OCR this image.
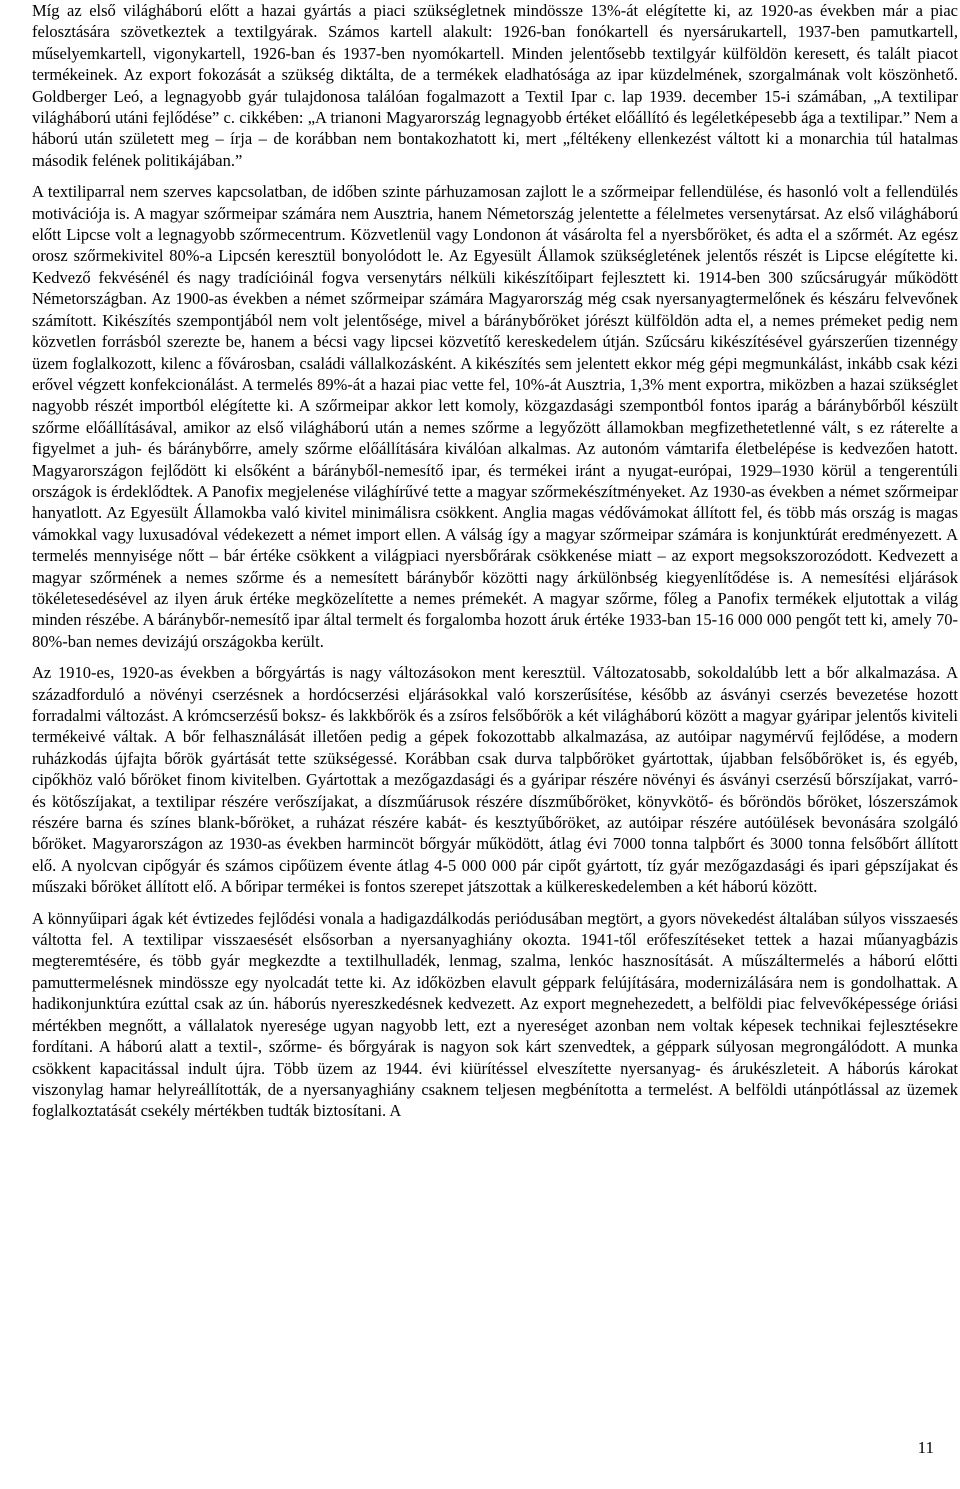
Míg az első világháború előtt a hazai gyártás a piaci szükségletnek mindössze 13%-át elégítette ki, az 1920-as években már a piac felosztására szövetkeztek a textilgyárak. Számos kartell alakult: 1926-ban fonókartell és nyersárukartell, 1937-ben pamutkartell, műselyemkartell, vigonykartell, 1926-ban és 1937-ben nyomókartell. Minden jelentősebb textilgyár külföldön keresett, és talált piacot termékeinek. Az export fokozását a szükség diktálta, de a termékek eladhatósága az ipar küzdelmének, szorgalmának volt köszönhető. Goldberger Leó, a legnagyobb gyár tulajdonosa találóan fogalmazott a Textil Ipar c. lap 1939. december 15-i számában, „A textilipar világháború utáni fejlődése” c. cikkében: „A trianoni Magyarország legnagyobb értéket előállító és legéletképesebb ága a textilipar.” Nem a háború után született meg – írja – de korábban nem bontakozhatott ki, mert „féltékeny ellenkezést váltott ki a monarchia túl hatalmas második felének politikájában.”

A textiliparral nem szerves kapcsolatban, de időben szinte párhuzamosan zajlott le a szőrmeipar fellendülése, és hasonló volt a fellendülés motivációja is. A magyar szőrmeipar számára nem Ausztria, hanem Németország jelentette a félelmetes versenytársat. Az első világháború előtt Lipcse volt a legnagyobb szőrmecentrum. Közvetlenül vagy Londonon át vásárolta fel a nyersbőröket, és adta el a szőrmét. Az egész orosz szőrmekivitel 80%-a Lipcsén keresztül bonyolódott le. Az Egyesült Államok szükségletének jelentős részét is Lipcse elégítette ki. Kedvező fekvésénél és nagy tradícióinál fogva versenytárs nélküli kikészítőipart fejlesztett ki. 1914-ben 300 szűcsárugyár működött Németországban. Az 1900-as években a német szőrmeipar számára Magyarország még csak nyersanyagtermelőnek és készáru felvevőnek számított. Kikészítés szempontjából nem volt jelentősége, mivel a báránybőröket jórészt külföldön adta el, a nemes prémeket pedig nem közvetlen forrásból szerezte be, hanem a bécsi vagy lipcsei közvetítő kereskedelem útján. Szűcsáru kikészítésével gyárszerűen tizennégy üzem foglalkozott, kilenc a fővárosban, családi vállalkozásként. A kikészítés sem jelentett ekkor még gépi megmunkálást, inkább csak kézi erővel végzett konfekcionálást. A termelés 89%-át a hazai piac vette fel, 10%-át Ausztria, 1,3% ment exportra, miközben a hazai szükséglet nagyobb részét importból elégítette ki. A szőrmeipar akkor lett komoly, közgazdasági szempontból fontos iparág a báránybőrből készült szőrme előállításával, amikor az első világháború után a nemes szőrme a legyőzött államokban megfizethetetlenné vált, s ez ráterelte a figyelmet a juh- és báránybőrre, amely szőrme előállítására kiválóan alkalmas. Az autonóm vámtarifa életbelépése is kedvezően hatott. Magyarországon fejlődött ki elsőként a bárányből-nemesítő ipar, és termékei iránt a nyugat-európai, 1929–1930 körül a tengerentúli országok is érdeklődtek. A Panofix megjelenése világhírűvé tette a magyar szőrmekészítményeket. Az 1930-as években a német szőrmeipar hanyatlott. Az Egyesült Államokba való kivitel minimálisra csökkent. Anglia magas védővámokat állított fel, és több más ország is magas vámokkal vagy luxusadóval védekezett a német import ellen. A válság így a magyar szőrmeipar számára is konjunktúrát eredményezett. A termelés mennyisége nőtt – bár értéke csökkent a világpiaci nyersbőrárak csökkenése miatt – az export megsokszorozódott. Kedvezett a magyar szőrmének a nemes szőrme és a nemesített báránybőr közötti nagy árkülönbség kiegyenlítődése is. A nemesítési eljárások tökéletesedésével az ilyen áruk értéke megközelítette a nemes prémekét. A magyar szőrme, főleg a Panofix termékek eljutottak a világ minden részébe. A báránybőr-nemesítő ipar által termelt és forgalomba hozott áruk értéke 1933-ban 15-16 000 000 pengőt tett ki, amely 70-80%-ban nemes devizájú országokba került.

Az 1910-es, 1920-as években a bőrgyártás is nagy változásokon ment keresztül. Változatosabb, sokoldalúbb lett a bőr alkalmazása. A századforduló a növényi cserzésnek a hordócserzési eljárásokkal való korszerűsítése, később az ásványi cserzés bevezetése hozott forradalmi változást. A krómcserzésű boksz- és lakkbőrök és a zsíros felsőbőrök a két világháború között a magyar gyáripar jelentős kiviteli termékeivé váltak. A bőr felhasználását illetően pedig a gépek fokozottabb alkalmazása, az autóipar nagymérvű fejlődése, a modern ruházkodás újfajta bőrök gyártását tette szükségessé. Korábban csak durva talpbőröket gyártottak, újabban felsőbőröket is, és egyéb, cipőkhöz való bőröket finom kivitelben. Gyártottak a mezőgazdasági és a gyáripar részére növényi és ásványi cserzésű bőrszíjakat, varró- és kötőszíjakat, a textilipar részére verőszíjakat, a díszműárusok részére díszműbőröket, könyvkötő- és bőröndös bőröket, lószerszámok részére barna és színes blank-bőröket, a ruházat részére kabát- és kesztyűbőröket, az autóipar részére autóülések bevonására szolgáló bőröket. Magyarországon az 1930-as években harmincöt bőrgyár működött, átlag évi 7000 tonna talpbőrt és 3000 tonna felsőbőrt állított elő. A nyolcvan cipőgyár és számos cipőüzem évente átlag 4-5 000 000 pár cipőt gyártott, tíz gyár mezőgazdasági és ipari gépszíjakat és műszaki bőröket állított elő. A bőripar termékei is fontos szerepet játszottak a külkereskedelemben a két háború között.

A könnyűipari ágak két évtizedes fejlődési vonala a hadigazdálkodás periódusában megtört, a gyors növekedést általában súlyos visszaesés váltotta fel. A textilipar visszaesését elsősorban a nyersanyaghiány okozta. 1941-től erőfeszítéseket tettek a hazai műanyagbázis megteremtésére, és több gyár megkezdte a textilhulladék, lenmag, szalma, lenkóc hasznosítását. A műszáltermelés a háború előtti pamuttermelésnek mindössze egy nyolcadát tette ki. Az időközben elavult géppark felújítására, modernizálására nem is gondolhattak. A hadikonjunktúra ezúttal csak az ún. háborús nyereszkedésnek kedvezett. Az export megnehezedett, a belföldi piac felvevőképessége óriási mértékben megnőtt, a vállalatok nyeresége ugyan nagyobb lett, ezt a nyereséget azonban nem voltak képesek technikai fejlesztésekre fordítani. A háború alatt a textil-, szőrme- és bőrgyárak is nagyon sok kárt szenvedtek, a géppark súlyosan megrongálódott. A munka csökkent kapacitással indult újra. Több üzem az 1944. évi kiürítéssel elveszítette nyersanyag- és árukészleteit. A háborús károkat viszonylag hamar helyreállították, de a nyersanyaghiány csaknem teljesen megbénította a termelést. A belföldi utánpótlással az üzemek foglalkoztatását csekély mértékben tudták biztosítani. A

11
